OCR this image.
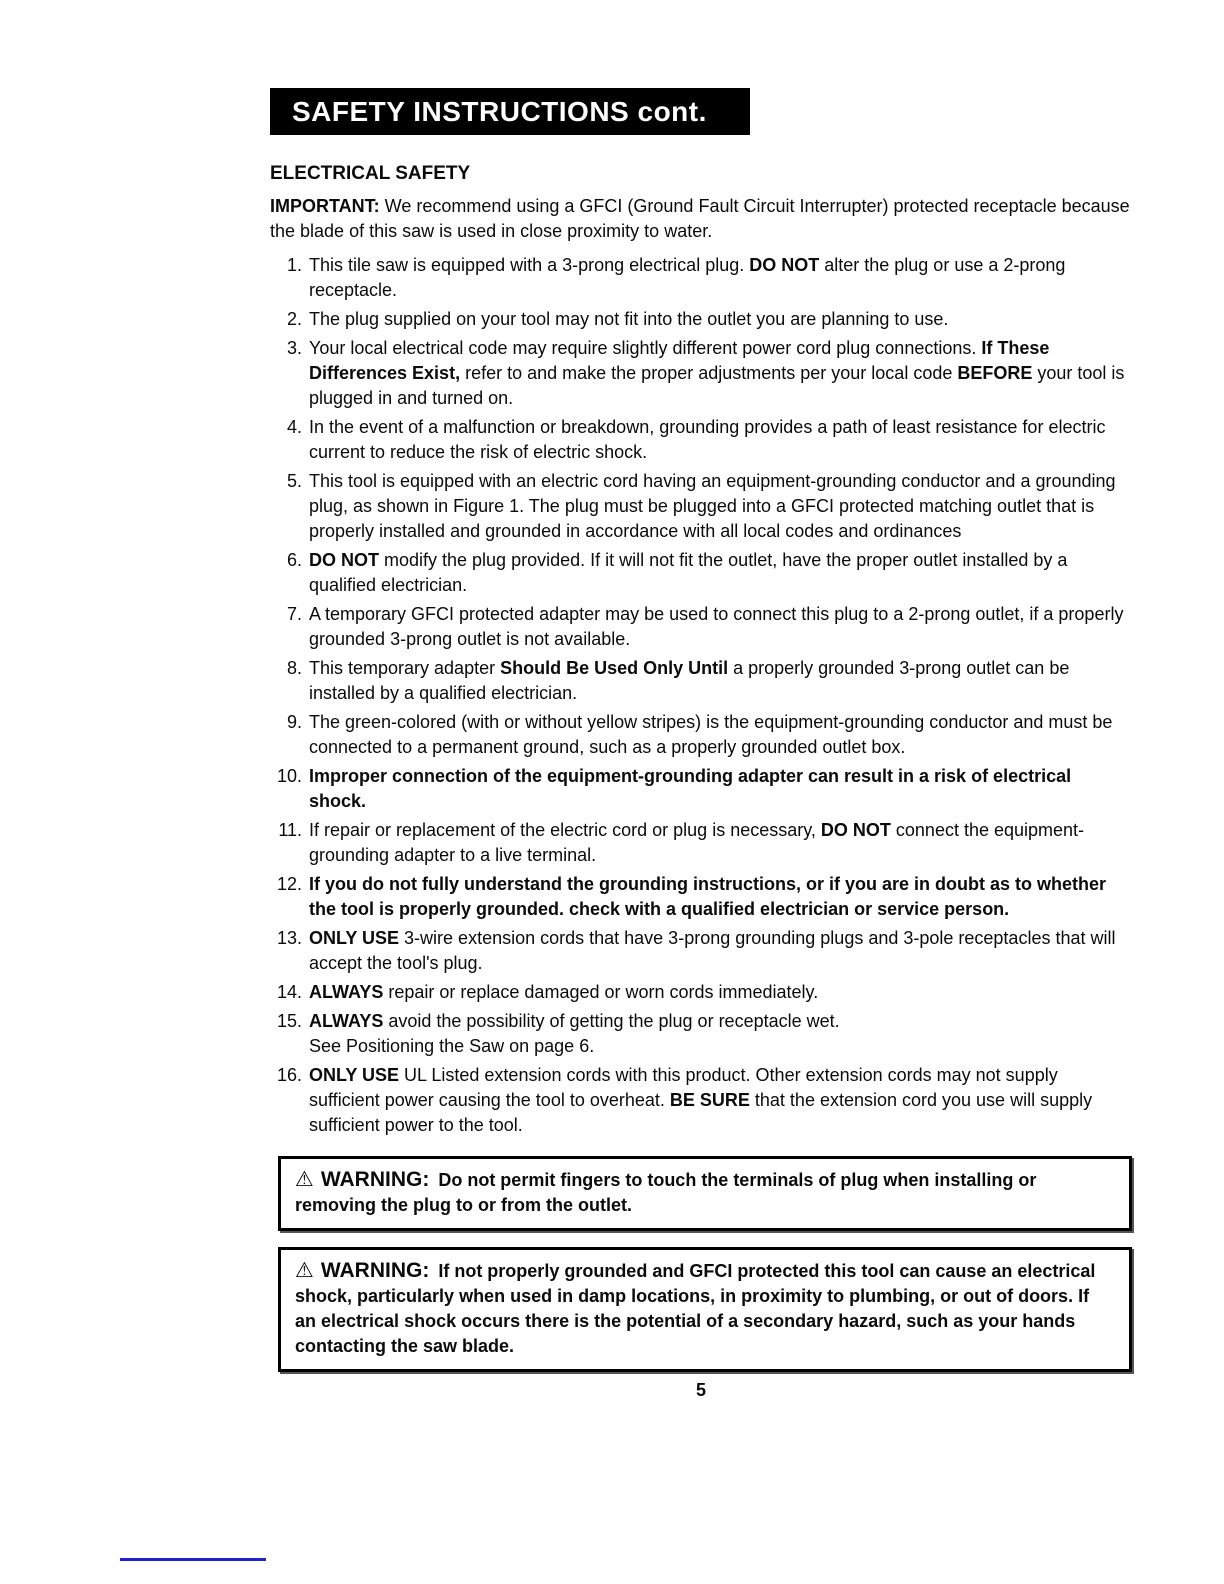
SAFETY INSTRUCTIONS cont.
ELECTRICAL SAFETY

IMPORTANT: We recommend using a GFCI (Ground Fault Circuit Interrupter) protected receptacle because the blade of this saw is used in close proximity to water.

1. This tile saw is equipped with a 3-prong electrical plug. DO NOT alter the plug or use a 2-prong receptacle.
2. The plug supplied on your tool may not fit into the outlet you are planning to use.
3. Your local electrical code may require slightly different power cord plug connections. If These Differences Exist, refer to and make the proper adjustments per your local code BEFORE your tool is plugged in and turned on.
4. In the event of a malfunction or breakdown, grounding provides a path of least resistance for electric current to reduce the risk of electric shock.
5. This tool is equipped with an electric cord having an equipment-grounding conductor and a grounding plug, as shown in Figure 1. The plug must be plugged into a GFCI protected matching outlet that is properly installed and grounded in accordance with all local codes and ordinances
6. DO NOT modify the plug provided. If it will not fit the outlet, have the proper outlet installed by a qualified electrician.
7. A temporary GFCI protected adapter may be used to connect this plug to a 2-prong outlet, if a properly grounded 3-prong outlet is not available.
8. This temporary adapter Should Be Used Only Until a properly grounded 3-prong outlet can be installed by a qualified electrician.
9. The green-colored (with or without yellow stripes) is the equipment-grounding conductor and must be connected to a permanent ground, such as a properly grounded outlet box.
10. Improper connection of the equipment-grounding adapter can result in a risk of electrical shock.
11. If repair or replacement of the electric cord or plug is necessary, DO NOT connect the equipment-grounding adapter to a live terminal.
12. If you do not fully understand the grounding instructions, or if you are in doubt as to whether the tool is properly grounded. check with a qualified electrician or service person.
13. ONLY USE 3-wire extension cords that have 3-prong grounding plugs and 3-pole receptacles that will accept the tool's plug.
14. ALWAYS repair or replace damaged or worn cords immediately.
15. ALWAYS avoid the possibility of getting the plug or receptacle wet.
See Positioning the Saw on page 6.
16. ONLY USE UL Listed extension cords with this product. Other extension cords may not supply sufficient power causing the tool to overheat. BE SURE that the extension cord you use will supply sufficient power to the tool.

⚠ WARNING: Do not permit fingers to touch the terminals of plug when installing or removing the plug to or from the outlet.

⚠ WARNING: If not properly grounded and GFCI protected this tool can cause an electrical shock, particularly when used in damp locations, in proximity to plumbing, or out of doors. If an electrical shock occurs there is the potential of a secondary hazard, such as your hands contacting the saw blade.

5
